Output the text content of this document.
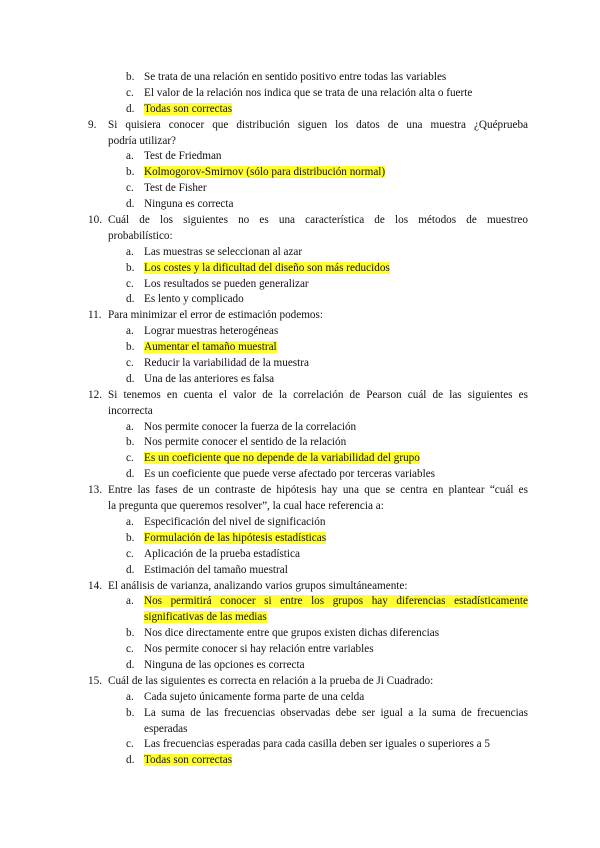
b. Se trata de una relación en sentido positivo entre todas las variables
c. El valor de la relación nos indica que se trata de una relación alta o fuerte
d. Todas son correctas
9. Si quisiera conocer que distribución siguen los datos de una muestra ¿Quéprueba
podría utilizar?
a. Test de Friedman
b. Kolmogorov-Smirnov (sólo para distribución normal)
c. Test de Fisher
d. Ninguna es correcta
10. Cuál de los siguientes no es una característica de los métodos de muestreo
probabilístico:
a. Las muestras se seleccionan al azar
b. Los costes y la dificultad del diseño son más reducidos
c. Los resultados se pueden generalizar
d. Es lento y complicado
11. Para minimizar el error de estimación podemos:
a. Lograr muestras heterogéneas
b. Aumentar el tamaño muestral
c. Reducir la variabilidad de la muestra
d. Una de las anteriores es falsa
12. Si tenemos en cuenta el valor de la correlación de Pearson cuál de las siguientes es
incorrecta
a. Nos permite conocer la fuerza de la correlación
b. Nos permite conocer el sentido de la relación
c. Es un coeficiente que no depende de la variabilidad del grupo
d. Es un coeficiente que puede verse afectado por terceras variables
13. Entre las fases de un contraste de hipótesis hay una que se centra en plantear “cuál es
la pregunta que queremos resolver”, la cual hace referencia a:
a. Especificación del nivel de significación
b. Formulación de las hipótesis estadísticas
c. Aplicación de la prueba estadística
d. Estimación del tamaño muestral
14. El análisis de varianza, analizando varios grupos simultáneamente:
a. Nos permitirá conocer si entre los grupos hay diferencias estadísticamente
significativas de las medias
b. Nos dice directamente entre que grupos existen dichas diferencias
c. Nos permite conocer si hay relación entre variables
d. Ninguna de las opciones es correcta
15. Cuál de las siguientes es correcta en relación a la prueba de Ji Cuadrado:
a. Cada sujeto únicamente forma parte de una celda
b. La suma de las frecuencias observadas debe ser igual a la suma de frecuencias
esperadas
c. Las frecuencias esperadas para cada casilla deben ser iguales o superiores a 5
d. Todas son correctas
